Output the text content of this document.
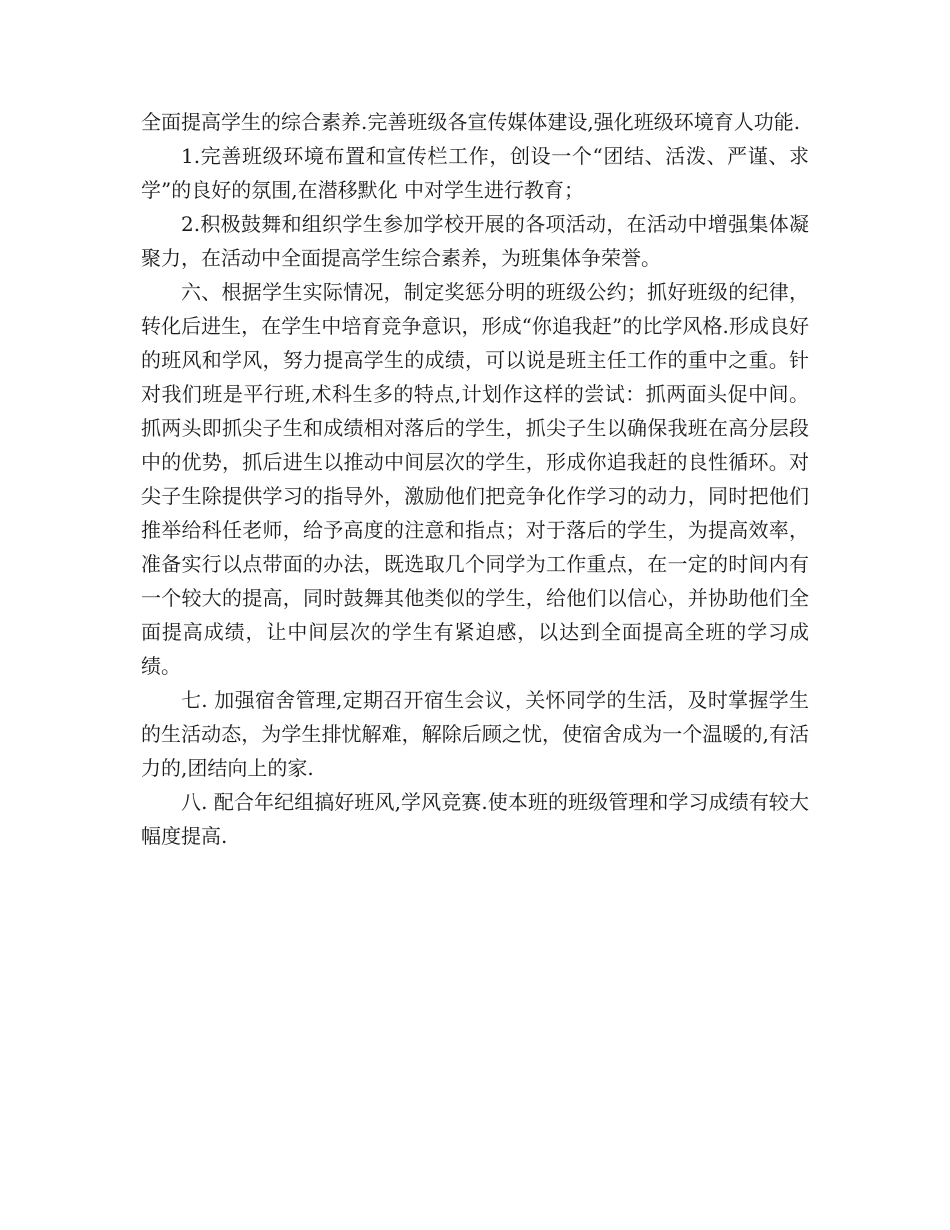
全面提高学生的综合素养.完善班级各宣传媒体建设,强化班级环境育人功能.

1.完善班级环境布置和宣传栏工作，创设一个“团结、活泼、严谨、求学”的良好的氛围,在潜移默化 中对学生进行教育；

2.积极鼓舞和组织学生参加学校开展的各项活动，在活动中增强集体凝聚力，在活动中全面提高学生综合素养，为班集体争荣誉。

六、根据学生实际情况，制定奖惩分明的班级公约；抓好班级的纪律，转化后进生，在学生中培育竞争意识，形成“你追我赶”的比学风格.形成良好的班风和学风，努力提高学生的成绩，可以说是班主任工作的重中之重。针对我们班是平行班,术科生多的特点,计划作这样的尝试：抓两面头促中间。抓两头即抓尖子生和成绩相对落后的学生，抓尖子生以确保我班在高分层段中的优势，抓后进生以推动中间层次的学生，形成你追我赶的良性循环。对尖子生除提供学习的指导外，激励他们把竞争化作学习的动力，同时把他们推举给科任老师，给予高度的注意和指点；对于落后的学生，为提高效率，准备实行以点带面的办法，既选取几个同学为工作重点，在一定的时间内有一个较大的提高，同时鼓舞其他类似的学生，给他们以信心，并协助他们全面提高成绩，让中间层次的学生有紧迫感，以达到全面提高全班的学习成绩。

七. 加强宿舍管理,定期召开宿生会议，关怀同学的生活，及时掌握学生的生活动态，为学生排忧解难，解除后顾之忧，使宿舍成为一个温暖的,有活力的,团结向上的家.

八. 配合年纪组搞好班风,学风竞赛.使本班的班级管理和学习成绩有较大幅度提高.
